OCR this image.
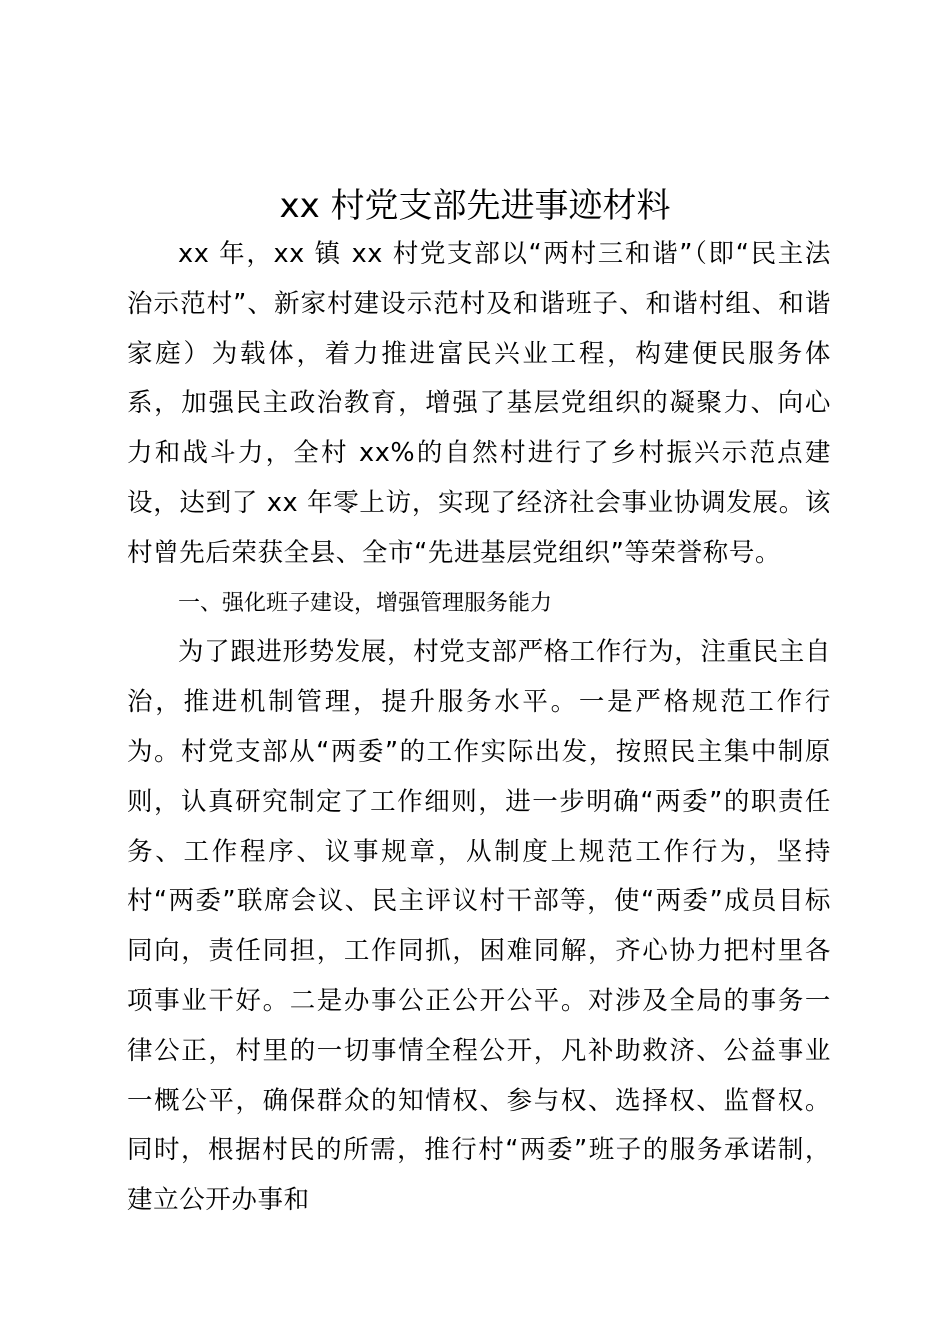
xx 村党支部先进事迹材料

xx 年，xx 镇 xx 村党支部以“两村三和谐”（即“民主法治示范村”、新家村建设示范村及和谐班子、和谐村组、和谐家庭）为载体，着力推进富民兴业工程，构建便民服务体系，加强民主政治教育，增强了基层党组织的凝聚力、向心力和战斗力，全村 xx%的自然村进行了乡村振兴示范点建设，达到了 xx 年零上访，实现了经济社会事业协调发展。该村曾先后荣获全县、全市“先进基层党组织”等荣誉称号。

一、强化班子建设，增强管理服务能力

为了跟进形势发展，村党支部严格工作行为，注重民主自治，推进机制管理，提升服务水平。一是严格规范工作行为。村党支部从“两委”的工作实际出发，按照民主集中制原则，认真研究制定了工作细则，进一步明确“两委”的职责任务、工作程序、议事规章，从制度上规范工作行为，坚持村“两委”联席会议、民主评议村干部等，使“两委”成员目标同向，责任同担，工作同抓，困难同解，齐心协力把村里各项事业干好。二是办事公正公开公平。对涉及全局的事务一律公正，村里的一切事情全程公开，凡补助救济、公益事业一概公平，确保群众的知情权、参与权、选择权、监督权。同时，根据村民的所需，推行村“两委”班子的服务承诺制，建立公开办事和
